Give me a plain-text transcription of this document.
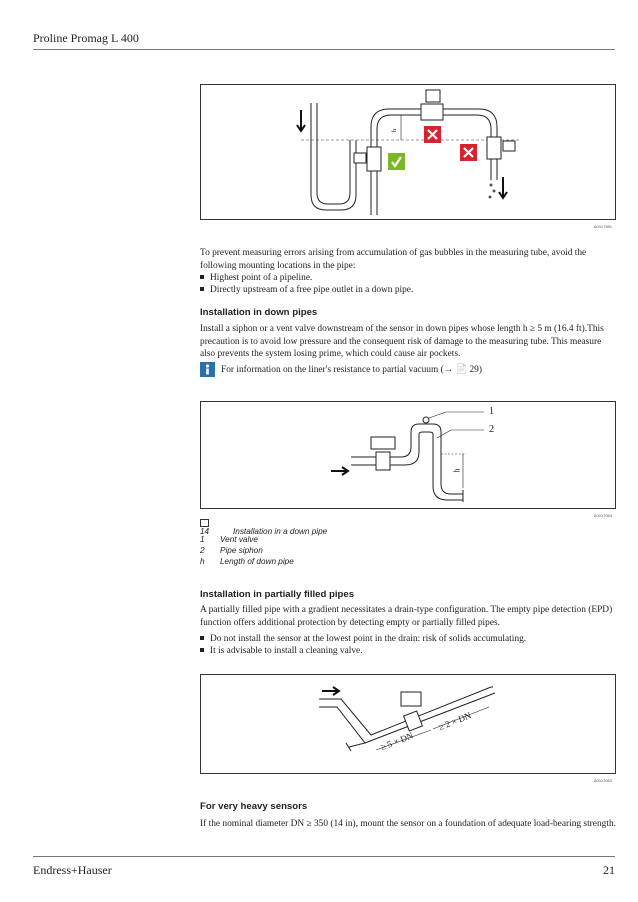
Proline Promag L 400
h
A0017981
To prevent measuring errors arising from accumulation of gas bubbles in the measuring tube, avoid the following mounting locations in the pipe:
Highest point of a pipeline.
Directly upstream of a free pipe outlet in a down pipe.
Installation in down pipes
Install a siphon or a vent valve downstream of the sensor in down pipes whose length h ≥ 5 m (16.4 ft).This precaution is to avoid low pressure and the consequent risk of damage to the measuring tube. This measure also prevents the system losing prime, which could cause air pockets.
For information on the liner's resistance to partial vacuum (→ 📄 29)
1
2
h
A0017064
14	Installation in a down pipe
1 Vent valve
2 Pipe siphon
h Length of down pipe
Installation in partially filled pipes
A partially filled pipe with a gradient necessitates a drain-type configuration. The empty pipe detection (EPD) function offers additional protection by detecting empty or partially filled pipes.
Do not install the sensor at the lowest point in the drain: risk of solids accumulating.
It is advisable to install a cleaning valve.
≥ 5 × DN
≥ 2 × DN
A0017063
For very heavy sensors
If the nominal diameter DN ≥ 350 (14 in), mount the sensor on a foundation of adequate load-bearing strength.
Endress+Hauser	21
